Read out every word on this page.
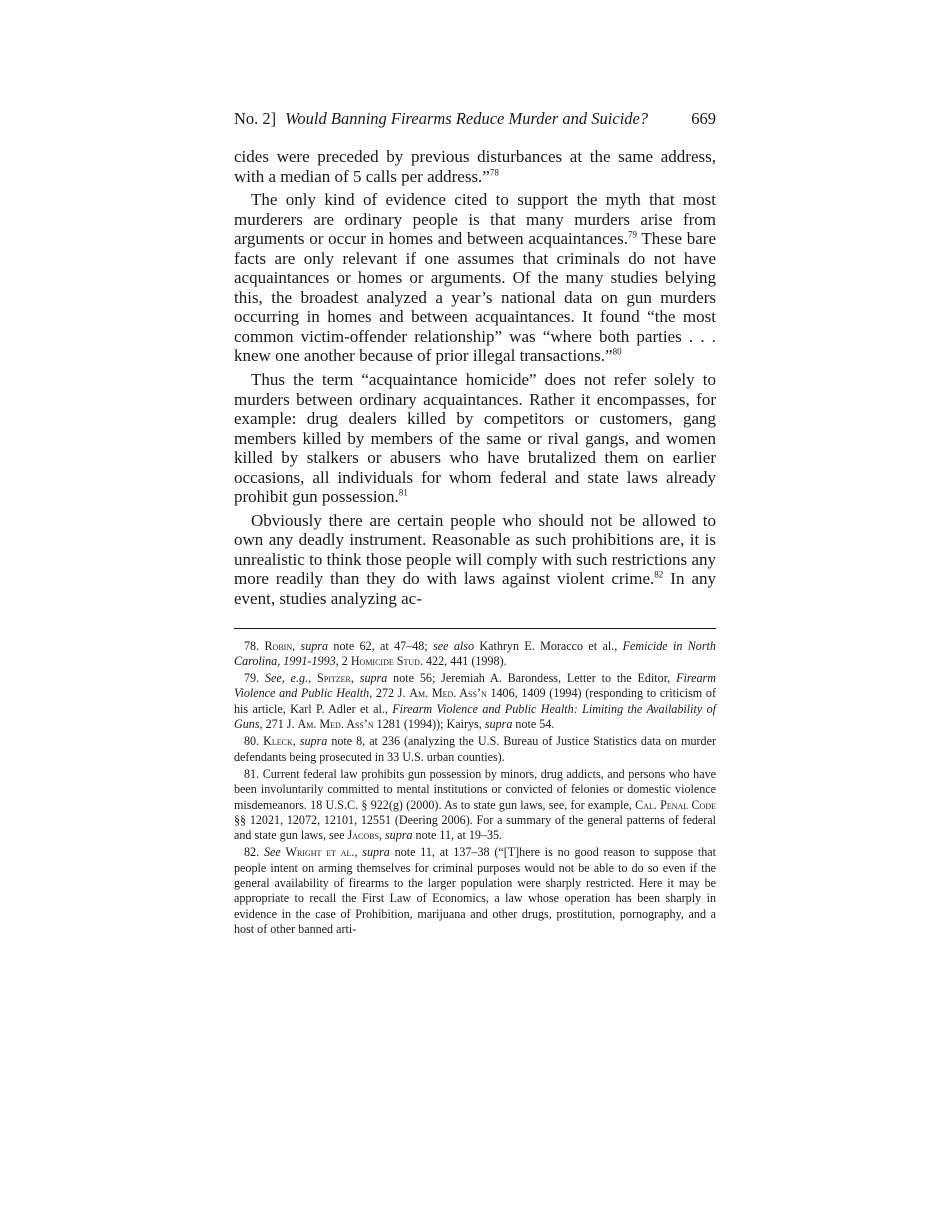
No. 2] Would Banning Firearms Reduce Murder and Suicide?	669

cides were preceded by previous disturbances at the same address, with a median of 5 calls per address.”$^{78}$

The only kind of evidence cited to support the myth that most murderers are ordinary people is that many murders arise from arguments or occur in homes and between acquaintances.$^{79}$ These bare facts are only relevant if one assumes that criminals do not have acquaintances or homes or arguments. Of the many studies belying this, the broadest analyzed a year’s national data on gun murders occurring in homes and between acquaintances. It found “the most common victim-offender relationship” was “where both parties . . . knew one another because of prior illegal transactions.”$^{80}$

Thus the term “acquaintance homicide” does not refer solely to murders between ordinary acquaintances. Rather it encompasses, for example: drug dealers killed by competitors or customers, gang members killed by members of the same or rival gangs, and women killed by stalkers or abusers who have brutalized them on earlier occasions, all individuals for whom federal and state laws already prohibit gun possession.$^{81}$

Obviously there are certain people who should not be allowed to own any deadly instrument. Reasonable as such prohibitions are, it is unrealistic to think those people will comply with such restrictions any more readily than they do with laws against violent crime.$^{82}$ In any event, studies analyzing ac-

78. Robin, supra note 62, at 47–48; see also Kathryn E. Moracco et al., Femicide in North Carolina, 1991-1993, 2 Homicide Stud. 422, 441 (1998).

79. See, e.g., Spitzer, supra note 56; Jeremiah A. Barondess, Letter to the Editor, Firearm Violence and Public Health, 272 J. Am. Med. Ass’n 1406, 1409 (1994) (responding to criticism of his article, Karl P. Adler et al., Firearm Violence and Public Health: Limiting the Availability of Guns, 271 J. Am. Med. Ass’n 1281 (1994)); Kairys, supra note 54.

80. Kleck, supra note 8, at 236 (analyzing the U.S. Bureau of Justice Statistics data on murder defendants being prosecuted in 33 U.S. urban counties).

81. Current federal law prohibits gun possession by minors, drug addicts, and persons who have been involuntarily committed to mental institutions or convicted of felonies or domestic violence misdemeanors. 18 U.S.C. § 922(g) (2000). As to state gun laws, see, for example, Cal. Penal Code §§ 12021, 12072, 12101, 12551 (Deering 2006). For a summary of the general patterns of federal and state gun laws, see Jacobs, supra note 11, at 19–35.

82. See Wright et al., supra note 11, at 137–38 (“[T]here is no good reason to suppose that people intent on arming themselves for criminal purposes would not be able to do so even if the general availability of firearms to the larger population were sharply restricted. Here it may be appropriate to recall the First Law of Economics, a law whose operation has been sharply in evidence in the case of Prohibition, marijuana and other drugs, prostitution, pornography, and a host of other banned arti-
